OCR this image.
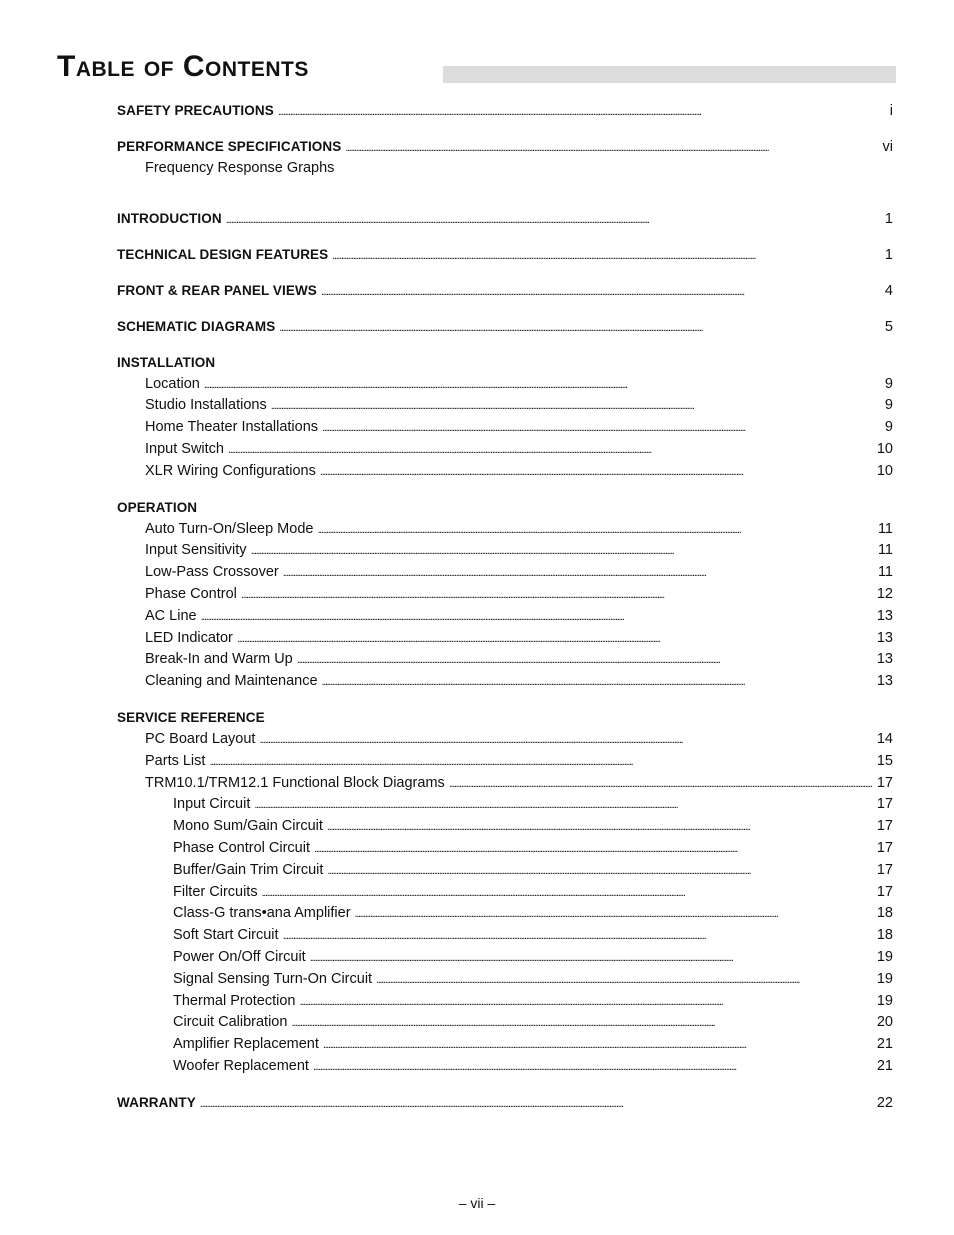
Table of Contents
SAFETY PRECAUTIONS . . .	i
PERFORMANCE SPECIFICATIONS . . .	vi
Frequency Response Graphs
INTRODUCTION . . .	1
TECHNICAL DESIGN FEATURES . . .	1
FRONT & REAR PANEL VIEWS . . .	4
SCHEMATIC DIAGRAMS . . .	5
INSTALLATION
Location . . .	9
Studio Installations . . .	9
Home Theater Installations . . .	9
Input Switch . . .	10
XLR Wiring Configurations . . .	10
OPERATION
Auto Turn-On/Sleep Mode . . .	11
Input Sensitivity . . .	11
Low-Pass Crossover . . .	11
Phase Control . . .	12
AC Line . . .	13
LED Indicator . . .	13
Break-In and Warm Up . . .	13
Cleaning and Maintenance . . .	13
SERVICE REFERENCE
PC Board Layout . . .	14
Parts List . . .	15
TRM10.1/TRM12.1 Functional Block Diagrams . . .	17
Input Circuit . . .	17
Mono Sum/Gain Circuit . . .	17
Phase Control Circuit . . .	17
Buffer/Gain Trim Circuit . . .	17
Filter Circuits . . .	17
Class-G trans•ana Amplifier . . .	18
Soft Start Circuit . . .	18
Power On/Off Circuit . . .	19
Signal Sensing Turn-On Circuit . . .	19
Thermal Protection . . .	19
Circuit Calibration . . .	20
Amplifier Replacement . . .	21
Woofer Replacement . . .	21
WARRANTY . . .	22
– vii –
